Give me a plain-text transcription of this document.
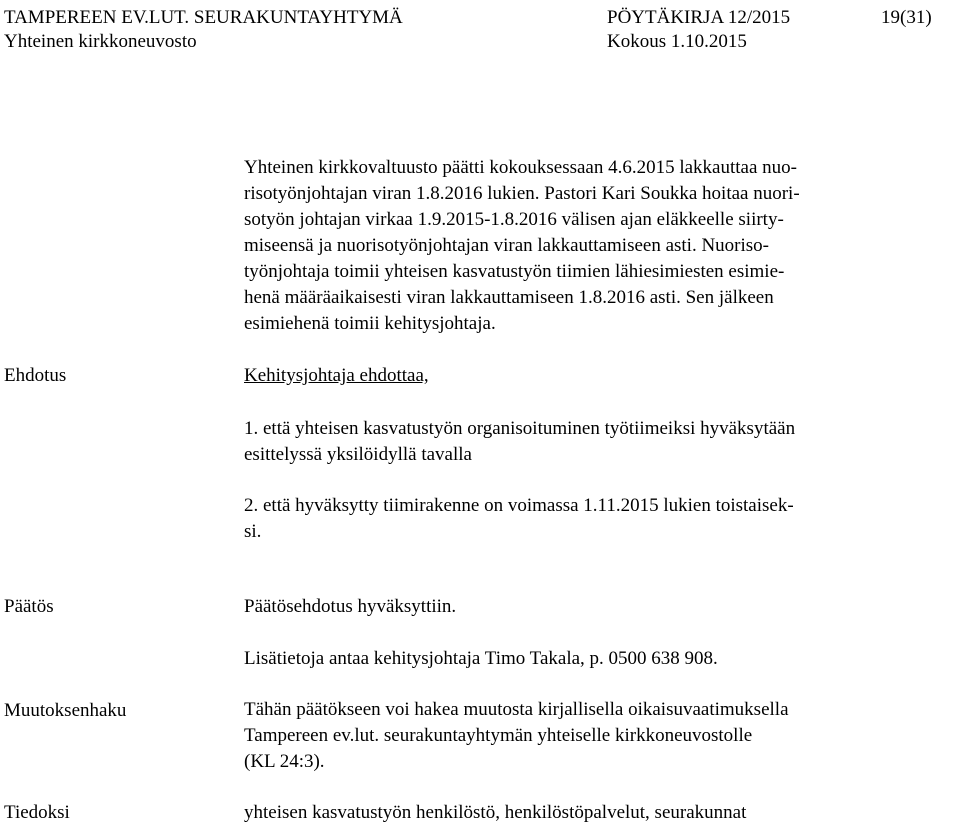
TAMPEREEN EV.LUT. SEURAKUNTAYHTYMÄ	PÖYTÄKIRJA 12/2015	19(31)
Yhteinen kirkkoneuvosto	Kokous 1.10.2015
Yhteinen kirkkovaltuusto päätti kokouksessaan 4.6.2015 lakkauttaa nuo-
risotyönjohtajan viran 1.8.2016 lukien. Pastori Kari Soukka hoitaa nuori-
sotyön johtajan virkaa 1.9.2015-1.8.2016 välisen ajan eläkkeelle siirty-
miseensä ja nuorisotyönjohtajan viran lakkauttamiseen asti. Nuoriso-
työnjohtaja toimii yhteisen kasvatustyön tiimien lähiesimiesten esimie-
henä määräaikaisesti viran lakkauttamiseen 1.8.2016 asti. Sen jälkeen
esimiehenä toimii kehitysjohtaja.
Ehdotus	Kehitysjohtaja ehdottaa,
1. että yhteisen kasvatustyön organisoituminen työtiimeiksi hyväksytään
esittelyssä yksilöidyllä tavalla
2. että hyväksytty tiimirakenne on voimassa 1.11.2015 lukien toistaisek-
si.
Päätös	Päätösehdotus hyväksyttiin.
Lisätietoja antaa kehitysjohtaja Timo Takala, p. 0500 638 908.
Muutoksenhaku	Tähän päätökseen voi hakea muutosta kirjallisella oikaisuvaatimuksella
Tampereen ev.lut. seurakuntayhtymän yhteiselle kirkkoneuvostolle
(KL 24:3).
Tiedoksi	yhteisen kasvatustyön henkilöstö, henkilöstöpalvelut, seurakunnat
